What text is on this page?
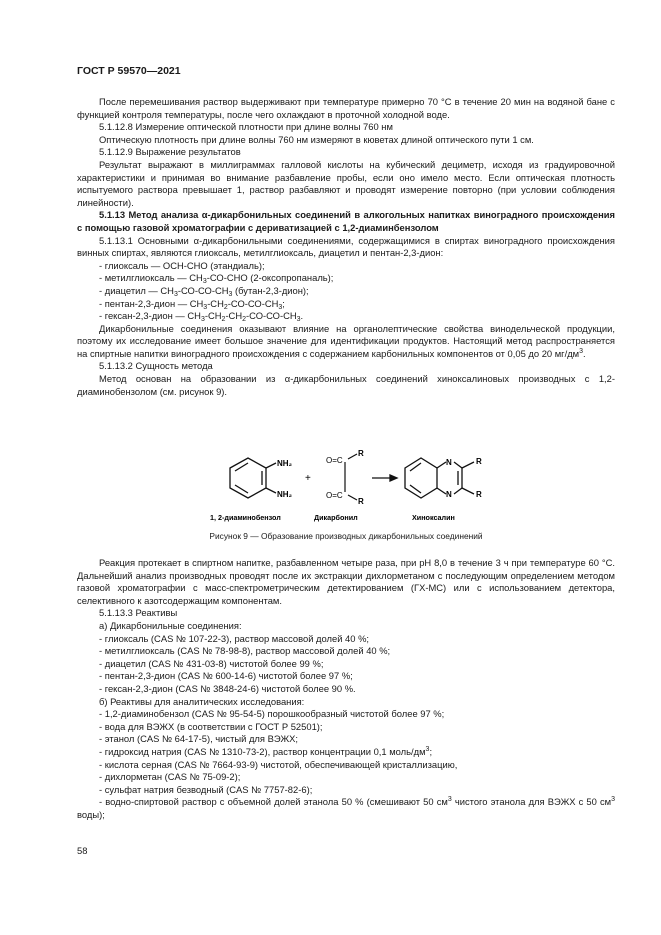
ГОСТ Р 59570—2021

После перемешивания раствор выдерживают при температуре примерно 70 °С в течение 20 мин на водяной бане с функцией контроля температуры, после чего охлаждают в проточной холодной воде.

5.1.12.8 Измерение оптической плотности при длине волны 760 нм

Оптическую плотность при длине волны 760 нм измеряют в кюветах длиной оптического пути 1 см.

5.1.12.9 Выражение результатов

Результат выражают в миллиграммах галловой кислоты на кубический дециметр, исходя из градуировочной характеристики и принимая во внимание разбавление пробы, если оно имело место. Если оптическая плотность испытуемого раствора превышает 1, раствор разбавляют и проводят измерение повторно (при условии соблюдения линейности).

5.1.13 Метод анализа α-дикарбонильных соединений в алкогольных напитках виноградного происхождения с помощью газовой хроматографии с дериватизацией с 1,2-диаминбензолом

5.1.13.1 Основными α-дикарбонильными соединениями, содержащимися в спиртах виноградного происхождения винных спиртах, являются глиоксаль, метилглиоксаль, диацетил и пентан-2,3-дион:

- глиоксаль — ОСН-СНО (этандиаль);

- метилглиоксаль — $СН_3-СО$-СНО (2-оксопропаналь);

- диацетил — $СН_3-СО-СО-СН_3$ (бутан-2,3-дион);

- пентан-2,3-дион — $СН_3-СН_2-СО-СО-СН_3$;

- гексан-2,3-дион — $СН_3-СН_2-СН_2-СО-СО-СН_3$.

Дикарбонильные соединения оказывают влияние на органолептические свойства винодельческой продукции, поэтому их исследование имеет большое значение для идентификации продуктов. Настоящий метод распространяется на спиртные напитки виноградного происхождения с содержанием карбонильных компонентов от 0,05 до 20 $мг/дм^3$.

5.1.13.2 Сущность метода

Метод основан на образовании из α-дикарбонильных соединений хиноксалиновых производных с 1,2-диаминобензолом (см. рисунок 9).

NH₂
NH₂
+
O=C
O=C
R
R
N
N
R
R
1, 2-диаминобензол	Дикарбонил	Хиноксалин
Рисунок 9 — Образование производных дикарбонильных соединений

Реакция протекает в спиртном напитке, разбавленном четыре раза, при рН 8,0 в течение 3 ч при температуре 60 °С. Дальнейший анализ производных проводят после их экстракции дихлорметаном с последующим определением методом газовой хроматографии с масс-спектрометрическим детектированием (ГХ-МС) или с использованием детектора, селективного к азотсодержащим компонентам.

5.1.13.3 Реактивы

а) Дикарбонильные соединения:

- глиоксаль (CAS № 107-22-3), раствор массовой долей 40 %;

- метилглиоксаль (CAS № 78-98-8), раствор массовой долей 40 %;

- диацетил (CAS № 431-03-8) чистотой более 99 %;

- пентан-2,3-дион (CAS № 600-14-6) чистотой более 97 %;

- гексан-2,3-дион (CAS № 3848-24-6) чистотой более 90 %.

б) Реактивы для аналитических исследования:

- 1,2-диаминобензол (CAS № 95-54-5) порошкообразный чистотой более 97 %;

- вода для ВЭЖХ (в соответствии с ГОСТ Р 52501);

- этанол (CAS № 64-17-5), чистый для ВЭЖХ;

- гидроксид натрия (CAS № 1310-73-2), раствор концентрации 0,1 моль/$дм^3$;

- кислота серная (CAS № 7664-93-9) чистотой, обеспечивающей кристаллизацию,

- дихлорметан (CAS № 75-09-2);

- сульфат натрия безводный (CAS № 7757-82-6);

- водно-спиртовой раствор с объемной долей этанола 50 % (смешивают 50 $см^3$ чистого этанола для ВЭЖХ с 50 $см^3$ воды);

58
